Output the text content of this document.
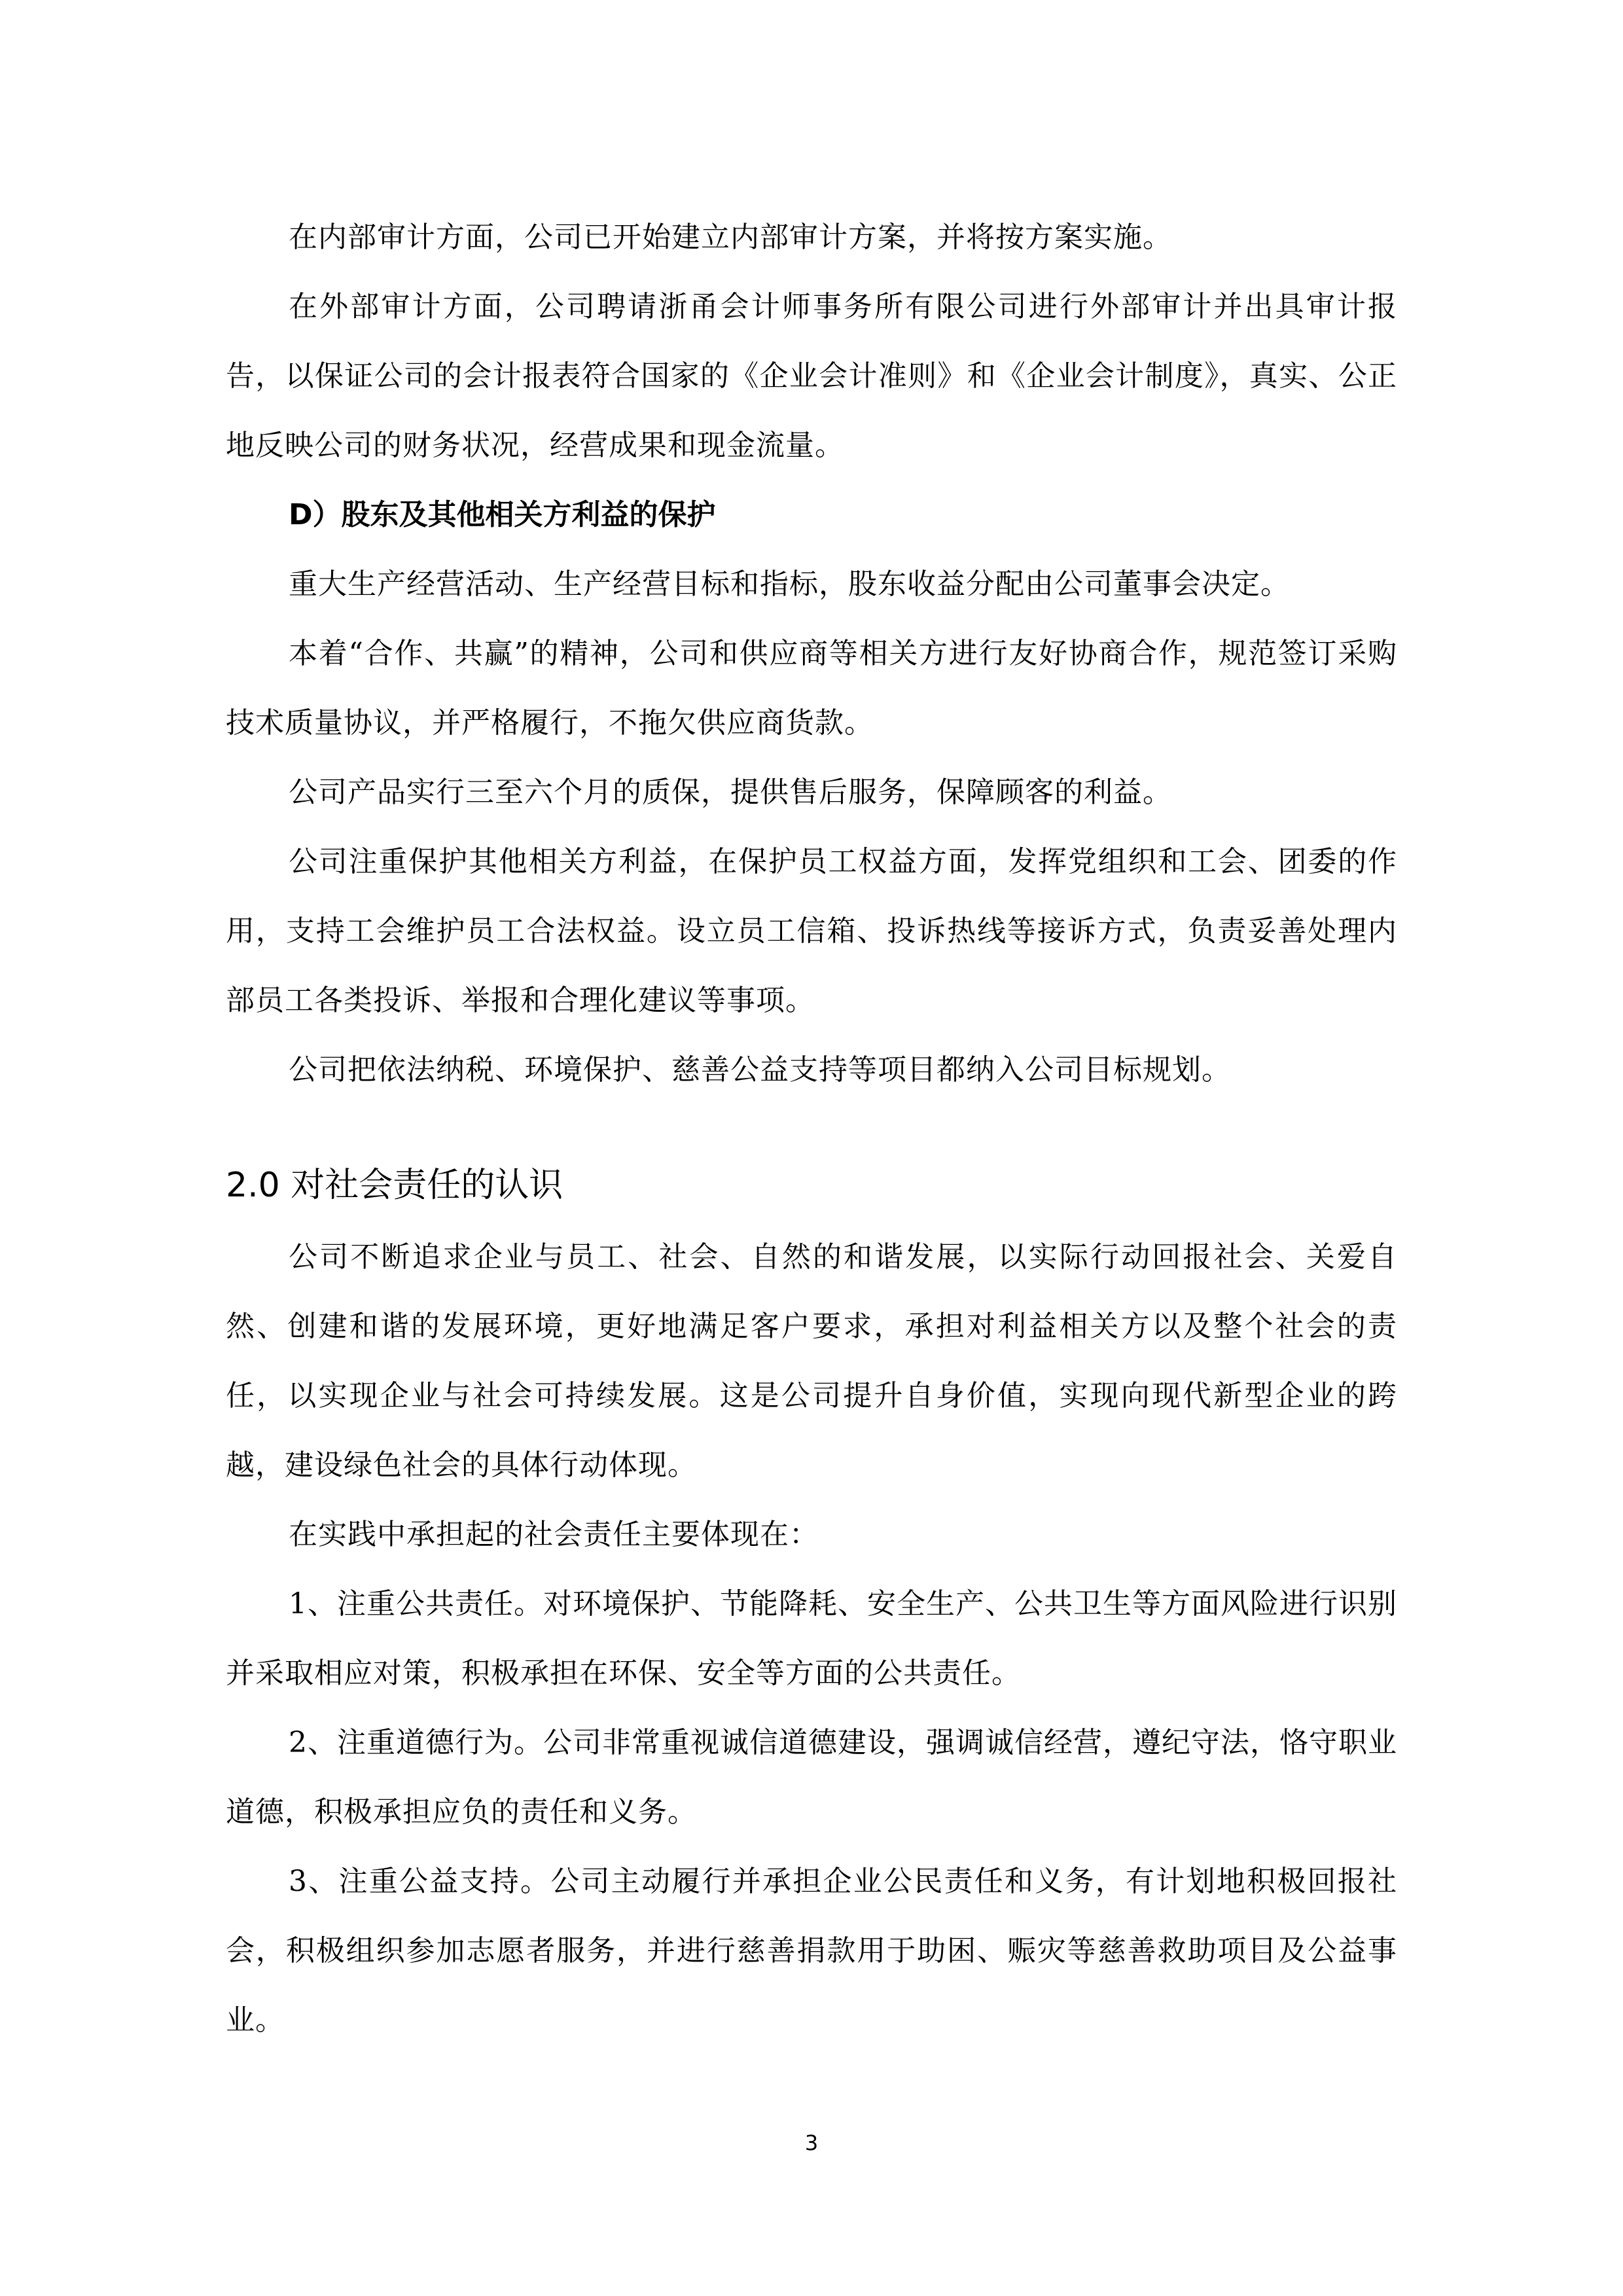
在内部审计方面，公司已开始建立内部审计方案，并将按方案实施。

在外部审计方面，公司聘请浙甬会计师事务所有限公司进行外部审计并出具审计报告，以保证公司的会计报表符合国家的《企业会计准则》和《企业会计制度》，真实、公正地反映公司的财务状况，经营成果和现金流量。

D）股东及其他相关方利益的保护

重大生产经营活动、生产经营目标和指标，股东收益分配由公司董事会决定。

本着“合作、共赢”的精神，公司和供应商等相关方进行友好协商合作，规范签订采购技术质量协议，并严格履行，不拖欠供应商货款。

公司产品实行三至六个月的质保，提供售后服务，保障顾客的利益。

公司注重保护其他相关方利益，在保护员工权益方面，发挥党组织和工会、团委的作用，支持工会维护员工合法权益。设立员工信箱、投诉热线等接诉方式，负责妥善处理内部员工各类投诉、举报和合理化建议等事项。

公司把依法纳税、环境保护、慈善公益支持等项目都纳入公司目标规划。

2.0 对社会责任的认识

公司不断追求企业与员工、社会、自然的和谐发展，以实际行动回报社会、关爱自然、创建和谐的发展环境，更好地满足客户要求，承担对利益相关方以及整个社会的责任，以实现企业与社会可持续发展。这是公司提升自身价值，实现向现代新型企业的跨越，建设绿色社会的具体行动体现。

在实践中承担起的社会责任主要体现在：

1、注重公共责任。对环境保护、节能降耗、安全生产、公共卫生等方面风险进行识别并采取相应对策，积极承担在环保、安全等方面的公共责任。

2、注重道德行为。公司非常重视诚信道德建设，强调诚信经营，遵纪守法，恪守职业道德，积极承担应负的责任和义务。

3、注重公益支持。公司主动履行并承担企业公民责任和义务，有计划地积极回报社会，积极组织参加志愿者服务，并进行慈善捐款用于助困、赈灾等慈善救助项目及公益事业。

3
